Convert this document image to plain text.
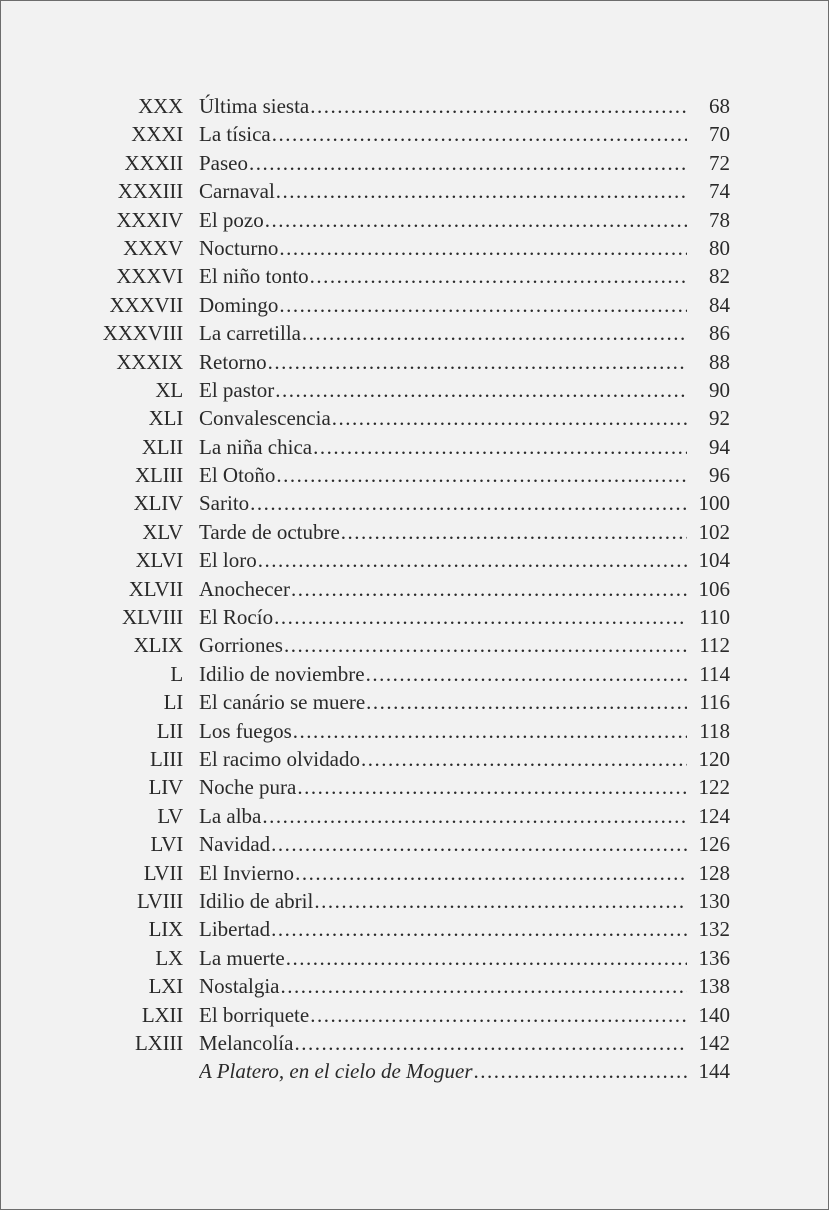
XXX Última siesta .....	68
XXXI La tísica .....	70
XXXII Paseo .....	72
XXXIII Carnaval .....	74
XXXIV El pozo .....	78
XXXV Nocturno .....	80
XXXVI El niño tonto .....	82
XXXVII Domingo .....	84
XXXVIII La carretilla .....	86
XXXIX Retorno .....	88
XL El pastor .....	90
XLI Convalescencia .....	92
XLII La niña chica .....	94
XLIII El Otoño .....	96
XLIV Sarito .....	100
XLV Tarde de octubre .....	102
XLVI El loro .....	104
XLVII Anochecer .....	106
XLVIII El Rocío .....	110
XLIX Gorriones .....	112
L Idilio de noviembre .....	114
LI El canário se muere .....	116
LII Los fuegos .....	118
LIII El racimo olvidado .....	120
LIV Noche pura .....	122
LV La alba .....	124
LVI Navidad .....	126
LVII El Invierno .....	128
LVIII Idilio de abril .....	130
LIX Libertad .....	132
LX La muerte .....	136
LXI Nostalgia .....	138
LXII El borriquete .....	140
LXIII Melancolía .....	142
A Platero, en el cielo de Moguer .....	144
